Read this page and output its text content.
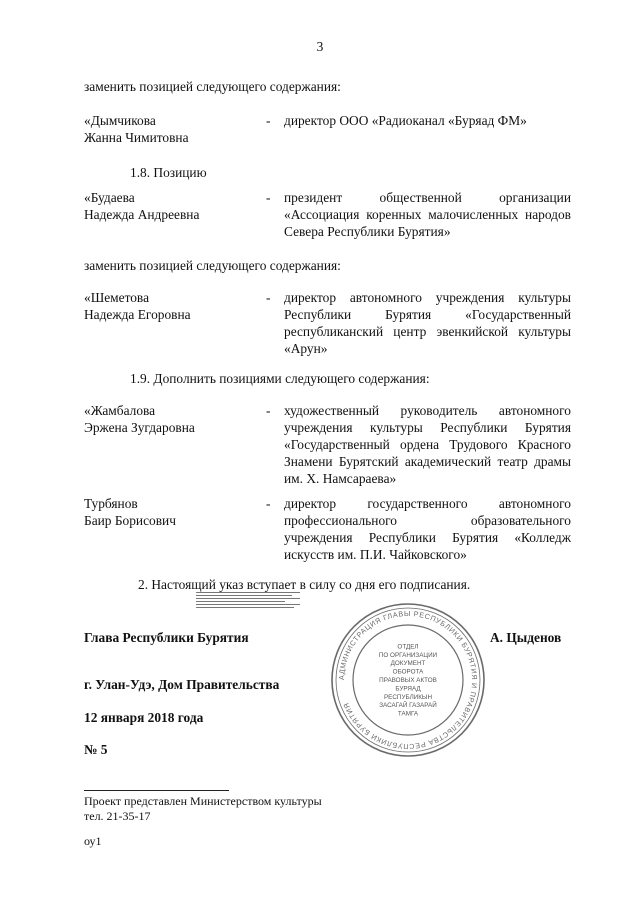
3
заменить позицией следующего содержания:
«Дымчикова
Жанна Чимитовна
- директор ООО «Радиоканал «Буряад ФМ»
1.8. Позицию
«Будаева
Надежда Андреевна
- президент общественной организации «Ассоциация коренных малочисленных народов Севера Республики Бурятия»
заменить позицией следующего содержания:
«Шеметова
Надежда Егоровна
- директор автономного учреждения культуры Республики Бурятия «Государственный республиканский центр эвенкийской культуры «Арун»
1.9. Дополнить позициями следующего содержания:
«Жамбалова
Эржена Зугдаровна
- художественный руководитель автономного учреждения культуры Республики Бурятия «Государственный ордена Трудового Красного Знамени Бурятский академический театр драмы им. Х. Намсараева»
Турбянов
Баир Борисович
- директор государственного автономного профессионального образовательного учреждения Республики Бурятия «Колледж искусств им. П.И. Чайковского»
2. Настоящий указ вступает в силу со дня его подписания.
Глава Республики Бурятия	А. Цыденов
АДМИНИСТРАЦИЯ ГЛАВЫ РЕСПУБЛИКИ БУРЯТИЯ И ПРАВИТЕЛЬСТВА РЕСПУБЛИКИ БУРЯТИЯ
ОТДЕЛ
ПО ОРГАНИЗАЦИИ
ДОКУМЕНТ
ОБОРОТА
ПРАВОВЫХ АКТОВ
БУРЯАД
РЕСПУБЛИКЫН
ЗАСАГАЙ ГАЗАРАЙ
ТАМГА
г. Улан-Удэ, Дом Правительства
12 января 2018 года
№ 5
Проект представлен Министерством культуры
тел. 21-35-17
оу1
